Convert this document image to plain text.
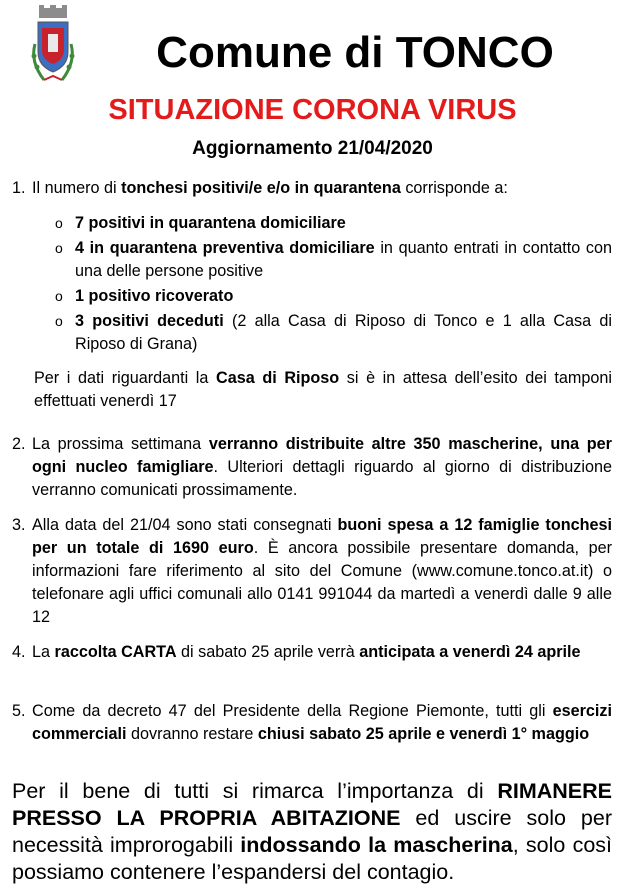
Comune di TONCO
SITUAZIONE CORONA VIRUS
Aggiornamento 21/04/2020
1. Il numero di tonchesi positivi/e e/o in quarantena corrisponde a:
o 7 positivi in quarantena domiciliare
o 4 in quarantena preventiva domiciliare in quanto entrati in contatto con una delle persone positive
o 1 positivo ricoverato
o 3 positivi deceduti (2 alla Casa di Riposo di Tonco e 1 alla Casa di Riposo di Grana)
Per i dati riguardanti la Casa di Riposo si è in attesa dell’esito dei tamponi effettuati venerdì 17
2. La prossima settimana verranno distribuite altre 350 mascherine, una per ogni nucleo famigliare. Ulteriori dettagli riguardo al giorno di distribuzione verranno comunicati prossimamente.
3. Alla data del 21/04 sono stati consegnati buoni spesa a 12 famiglie tonchesi per un totale di 1690 euro. È ancora possibile presentare domanda, per informazioni fare riferimento al sito del Comune (www.comune.tonco.at.it) o telefonare agli uffici comunali allo 0141 991044 da martedì a venerdì dalle 9 alle 12
4. La raccolta CARTA di sabato 25 aprile verrà anticipata a venerdì 24 aprile
5. Come da decreto 47 del Presidente della Regione Piemonte, tutti gli esercizi commerciali dovranno restare chiusi sabato 25 aprile e venerdì 1° maggio
Per il bene di tutti si rimarca l’importanza di RIMANERE PRESSO LA PROPRIA ABITAZIONE ed uscire solo per necessità improrogabili indossando la mascherina, solo così possiamo contenere l’espandersi del contagio.
